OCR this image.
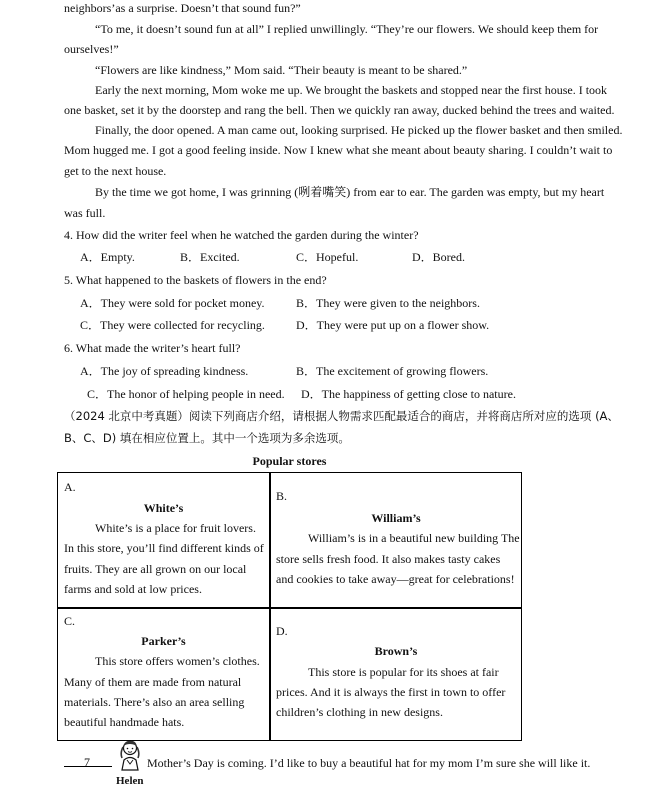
neighbors’as a surprise. Doesn’t that sound fun?”
“To me, it doesn’t sound fun at all” I replied unwillingly. “They’re our flowers. We should keep them for
ourselves!”
“Flowers are like kindness,” Mom said. “Their beauty is meant to be shared.”
Early the next morning, Mom woke me up. We brought the baskets and stopped near the first house. I took
one basket, set it by the doorstep and rang the bell. Then we quickly ran away, ducked behind the trees and waited.
Finally, the door opened. A man came out, looking surprised. He picked up the flower basket and then smiled.
Mom hugged me. I got a good feeling inside. Now I knew what she meant about beauty sharing. I couldn’t wait to
get to the next house.
By the time we got home, I was grinning (咧着嘴笑) from ear to ear. The garden was empty, but my heart
was full.
4. How did the writer feel when he watched the garden during the winter?
A．Empty.	B．Excited.	C．Hopeful.	D．Bored.
5. What happened to the baskets of flowers in the end?
A．They were sold for pocket money.	B．They were given to the neighbors.
C．They were collected for recycling.	D．They were put up on a flower show.
6. What made the writer’s heart full?
A．The joy of spreading kindness.	B．The excitement of growing flowers.
C．The honor of helping people in need. D．The happiness of getting close to nature.
（2024 北京中考真题）阅读下列商店介绍，请根据人物需求匹配最适合的商店，并将商店所对应的选项 (A、
B、C、D) 填在相应位置上。其中一个选项为多余选项。
Popular stores
A.
White’s
White’s is a place for fruit lovers.
In this store, you’ll find different kinds of
fruits. They are all grown on our local
farms and sold at low prices.
B.
William’s
William’s is in a beautiful new building The
store sells fresh food. It also makes tasty cakes
and cookies to take away—great for celebrations!
C.
Parker’s
This store offers women’s clothes.
Many of them are made from natural
materials. There’s also an area selling
beautiful handmade hats.
D.
Brown’s
This store is popular for its shoes at fair
prices. And it is always the first in town to offer
children’s clothing in new designs.
7
Helen
Mother’s Day is coming. I’d like to buy a beautiful hat for my mom I’m sure she will like it.
